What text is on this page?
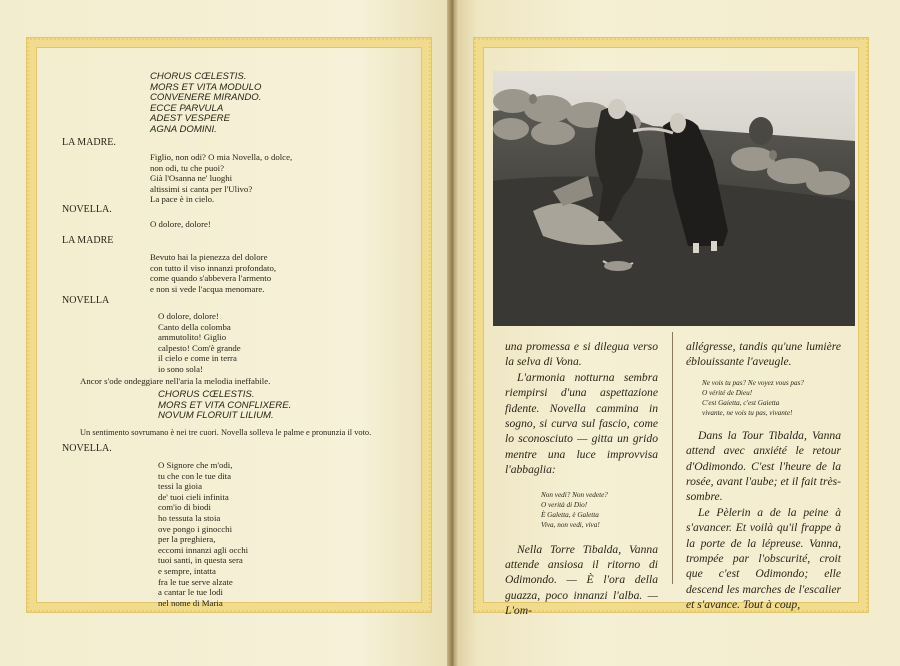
CHORUS CŒLESTIS.
MORS ET VITA MODULO
CONVENERE MIRANDO.
ECCE PARVULA
ADEST VESPERE
AGNA DOMINI.
LA MADRE.
Figlio, non odi? O mia Novella, o dolce,
non odi, tu che puoi?
Già l'Osanna ne' luoghi
altissimi si canta per l'Ulivo?
La pace è in cielo.
NOVELLA.
O dolore, dolore!
LA MADRE
Bevuto hai la pienezza del dolore
con tutto il viso innanzi profondato,
come quando s'abbevera l'armento
e non si vede l'acqua menomare.
NOVELLA
O dolore, dolore!
Canto della colomba
ammutolito! Giglio
calpesto! Com'è grande
il cielo e come in terra
io sono sola!
Ancor s'ode ondeggiare nell'aria la melodia ineffabile.
CHORUS CŒLESTIS.
MORS ET VITA CONFLIXERE.
NOVUM FLORUIT LILIUM.
Un sentimento sovrumano è nei tre cuori. Novella solleva le palme e pronunzia il voto.
NOVELLA.
O Signore che m'odi,
tu che con le tue dita
tessi la gioia
de' tuoi cieli infinita
com'io di biodi
ho tessuta la stoia
ove pongo i ginocchi
per la preghiera,
eccomi innanzi agli occhi
tuoi santi, in questa sera
e sempre, intatta
fra le tue serve alzate
a cantar le tue lodi
nel nome di Maria

una promessa e si dilegua verso la selva di Vona.

L'armonia notturna sembra riempirsi d'una aspettazione fidente. Novella cammina in sogno, si curva sul fascio, come lo sconosciuto — gitta un grido mentre una luce improvvisa l'abbaglia:

Non vedi? Non vedete?
O verità di Dio!
È Galetta, è Galetta
Viva, non vedi, viva!

Nella Torre Tibalda, Vanna attende ansiosa il ritorno di Odimondo. — È l'ora della guazza, poco innanzi l'alba. — L'om-

allégresse, tandis qu'une lumière éblouissante l'aveugle.

Ne vois tu pas? Ne voyez vous pas?
O vérité de Dieu!
C'est Gaietta, c'est Gaietta
vivante, ne vois tu pas, vivante!

Dans la Tour Tibalda, Vanna attend avec anxiété le retour d'Odimondo. C'est l'heure de la rosée, avant l'aube; et il fait très-sombre.

Le Pèlerin a de la peine à s'avancer. Et voilà qu'il frappe à la porte de la lépreuse. Vanna, trompée par l'obscurité, croit que c'est Odimondo; elle descend les marches de l'escalier et s'avance. Tout à coup,
